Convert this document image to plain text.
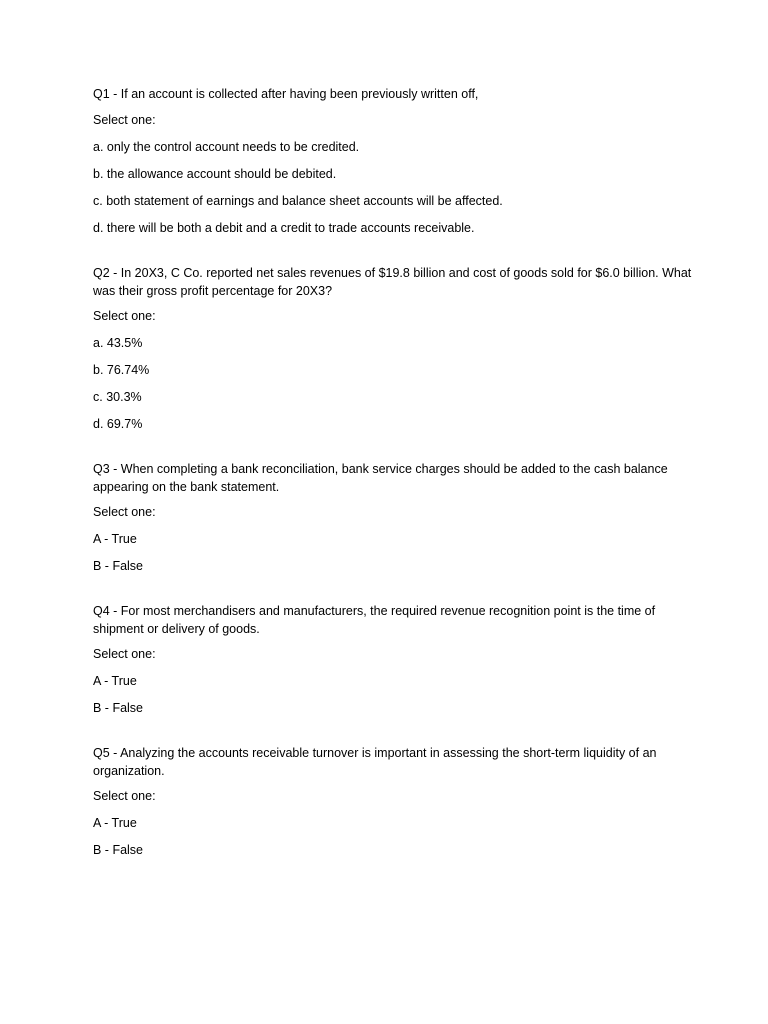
Q1 - If an account is collected after having been previously written off,

Select one:

a. only the control account needs to be credited.

b. the allowance account should be debited.

c. both statement of earnings and balance sheet accounts will be affected.

d. there will be both a debit and a credit to trade accounts receivable.

Q2 - In 20X3, C Co. reported net sales revenues of $19.8 billion and cost of goods sold for $6.0 billion. What was their gross profit percentage for 20X3?

Select one:

a. 43.5%

b. 76.74%

c. 30.3%

d. 69.7%

Q3 - When completing a bank reconciliation, bank service charges should be added to the cash balance appearing on the bank statement.

Select one:

A - True

B - False

Q4 - For most merchandisers and manufacturers, the required revenue recognition point is the time of shipment or delivery of goods.

Select one:

A - True

B - False

Q5 - Analyzing the accounts receivable turnover is important in assessing the short-term liquidity of an organization.

Select one:

A - True

B - False
